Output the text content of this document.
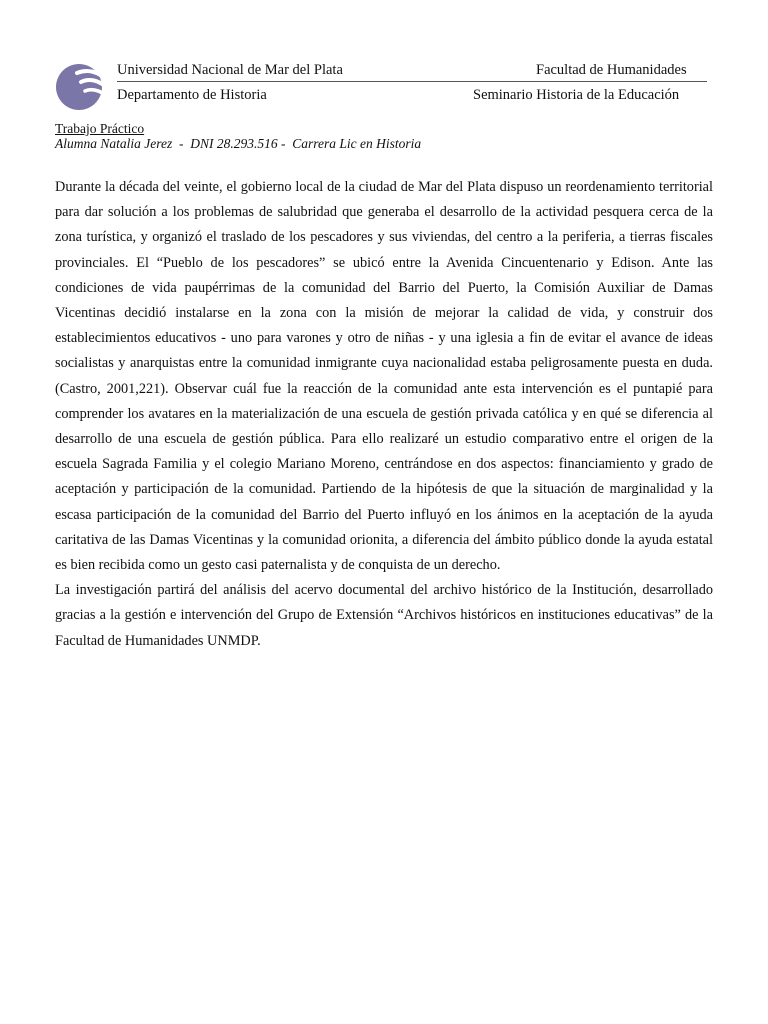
Universidad Nacional de Mar del Plata	Facultad de Humanidades
Departamento de Historia	Seminario Historia de la Educación
Trabajo Práctico
Alumna Natalia Jerez  -  DNI 28.293.516 -  Carrera Lic en Historia

Durante la década del veinte, el gobierno local de la ciudad de Mar del Plata dispuso un reordenamiento territorial para dar solución a los problemas de salubridad que generaba el desarrollo de la actividad pesquera cerca de la zona turística, y organizó el traslado de los pescadores y sus viviendas, del centro a la periferia, a tierras fiscales provinciales. El “Pueblo de los pescadores” se ubicó entre la Avenida Cincuentenario y Edison. Ante las condiciones de vida paupérrimas de la comunidad del Barrio del Puerto, la Comisión Auxiliar de Damas Vicentinas decidió instalarse en la zona con la misión de mejorar la calidad de vida, y construir dos establecimientos educativos - uno para varones y otro de niñas - y una iglesia a fin de evitar el avance de ideas socialistas y anarquistas entre la comunidad inmigrante cuya nacionalidad estaba peligrosamente puesta en duda. (Castro, 2001,221). Observar cuál fue la reacción de la comunidad ante esta intervención es el puntapié para comprender los avatares en la materialización de una escuela de gestión privada católica y en qué se diferencia al desarrollo de una escuela de gestión pública. Para ello realizaré un estudio comparativo entre el origen de la escuela Sagrada Familia y el colegio Mariano Moreno, centrándose en dos aspectos: financiamiento y grado de aceptación y participación de la comunidad. Partiendo de la hipótesis de que la situación de marginalidad y la escasa participación de la comunidad del Barrio del Puerto influyó en los ánimos en la aceptación de la ayuda caritativa de las Damas Vicentinas y la comunidad orionita, a diferencia del ámbito público donde la ayuda estatal es bien recibida como un gesto casi paternalista y de conquista de un derecho.

La investigación partirá del análisis del acervo documental del archivo histórico de la Institución, desarrollado gracias a la gestión e intervención del Grupo de Extensión “Archivos históricos en instituciones educativas” de la Facultad de Humanidades UNMDP.
